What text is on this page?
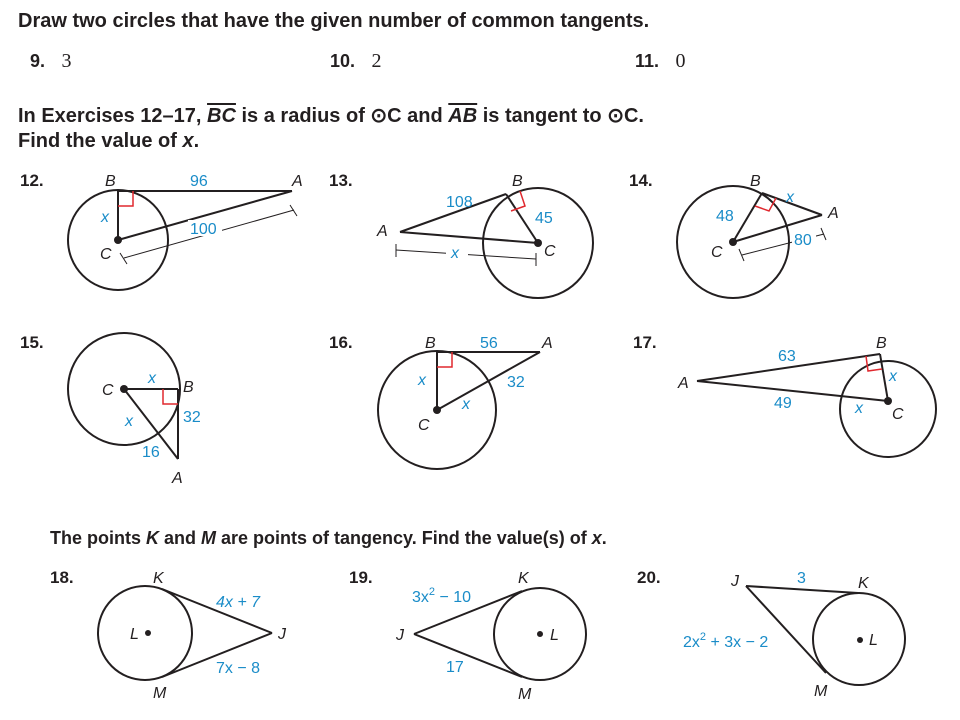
Draw two circles that have the given number of common tangents.
9. 3	10. 2	11. 0
In Exercises 12–17, $\overline{BC}$ is a radius of ⊙C and $\overline{AB}$ is tangent to ⊙C.
Find the value of x.
The points K and M are points of tangency. Find the value(s) of x.
12.	B	A
C
x
96
100
13.	B
A
C
108
45
x
14.	B
A
C
x
48
80
15.
C	B
A
x
x	32
16
16.	B	A
C
56
32
x
x
17.	B
A
C
63
49
x
x
18.	K
M
L	J
4x + 7
7x − 8
19.	K
M
L
J
$3x^2 - 10$
17
20.	K
M
L
J	3
$2x^2 + 3x - 2$
